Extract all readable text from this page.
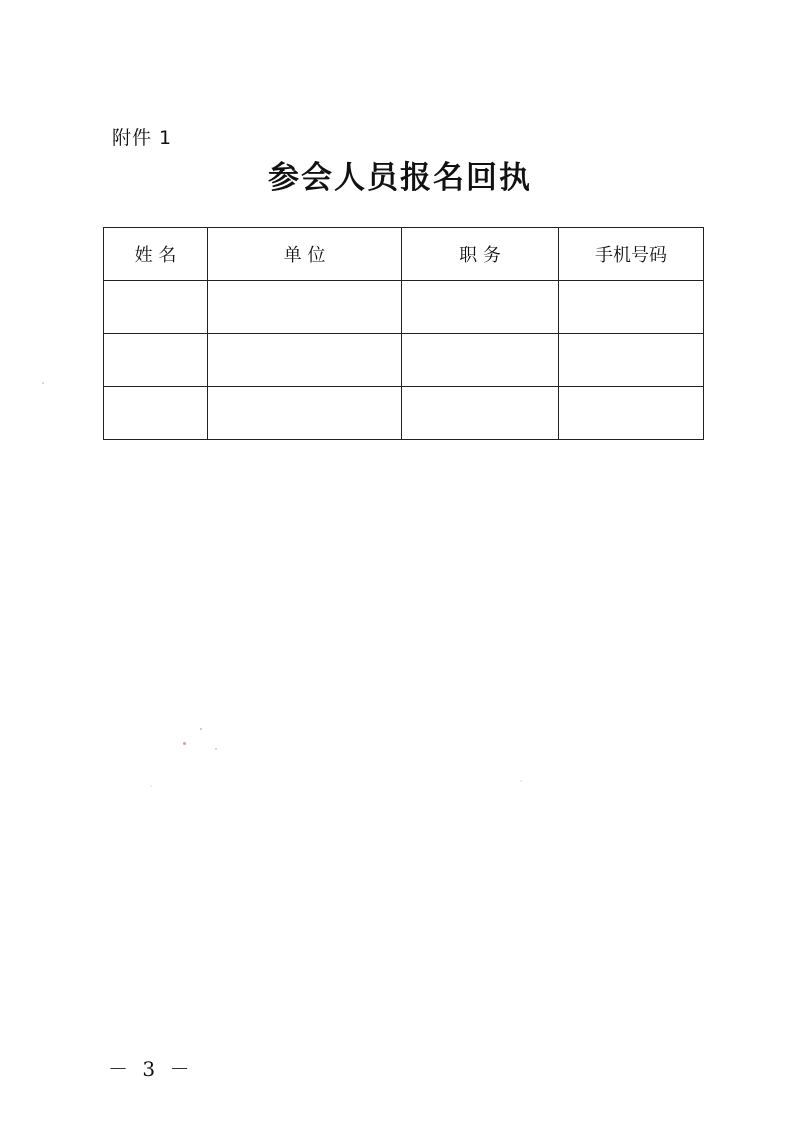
附件 1
参会人员报名回执
姓 名	单 位	职 务	手机号码

－ 3 －
